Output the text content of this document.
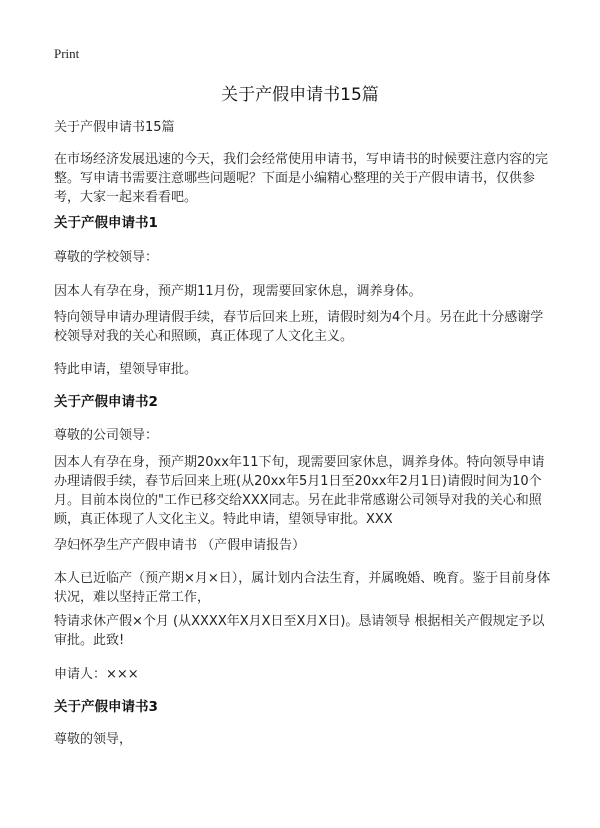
Print
关于产假申请书15篇

关于产假申请书15篇

在市场经济发展迅速的今天，我们会经常使用申请书，写申请书的时候要注意内容的完整。写申请书需要注意哪些问题呢？下面是小编精心整理的关于产假申请书，仅供参考，大家一起来看看吧。

关于产假申请书1

尊敬的学校领导：

因本人有孕在身，预产期11月份，现需要回家休息，调养身体。

特向领导申请办理请假手续，春节后回来上班，请假时刻为4个月。另在此十分感谢学校领导对我的关心和照顾，真正体现了人文化主义。

特此申请，望领导审批。

关于产假申请书2

尊敬的公司领导：

因本人有孕在身，预产期20xx年11下旬，现需要回家休息，调养身体。特向领导申请办理请假手续，春节后回来上班(从20xx年5月1日至20xx年2月1日)请假时间为10个月。目前本岗位的"工作已移交给XXX同志。另在此非常感谢公司领导对我的关心和照顾，真正体现了人文化主义。特此申请，望领导审批。XXX

孕妇怀孕生产产假申请书 （产假申请报告）

本人已近临产（预产期×月×日），属计划内合法生育，并属晚婚、晚育。鉴于目前身体状况，难以坚持正常工作，

特请求休产假×个月 (从XXXX年X月X日至X月X日)。恳请领导 根据相关产假规定予以审批。此致!

申请人：×××

关于产假申请书3

尊敬的领导，
